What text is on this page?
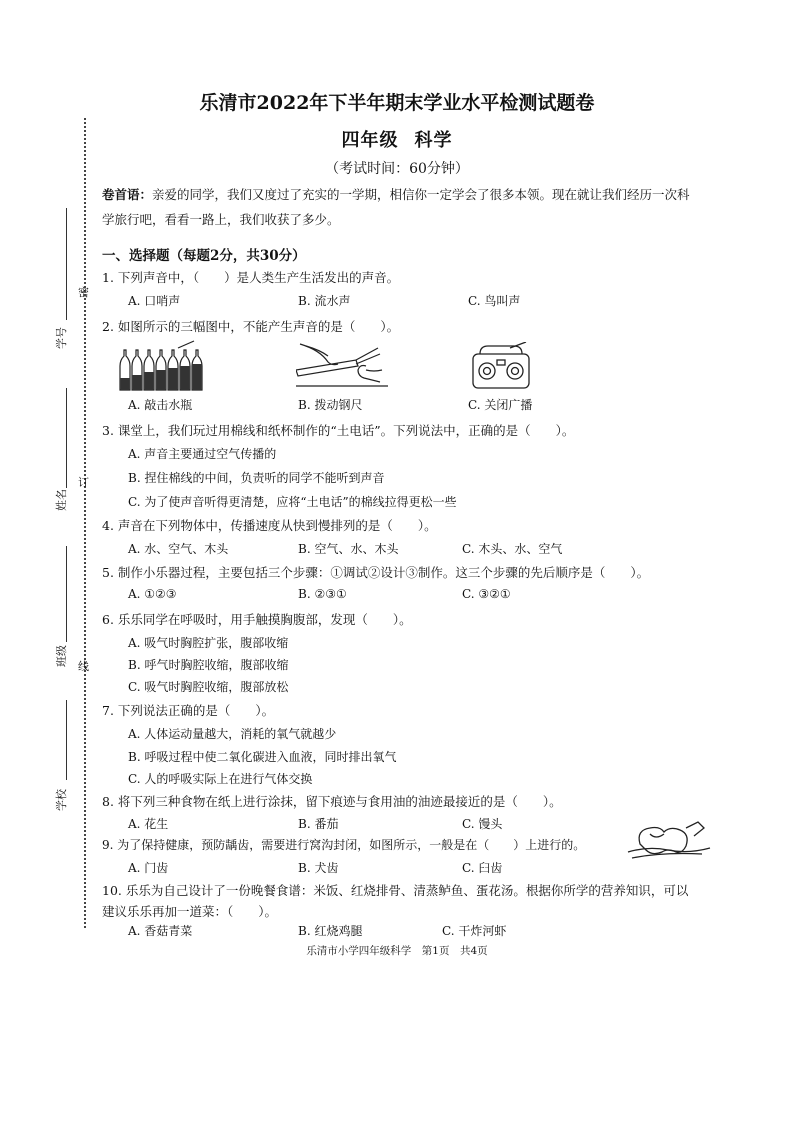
密
订
线
学号
姓名
班级
学校
乐清市2022年下半年期末学业水平检测试题卷
四年级 科学
（考试时间：60分钟）
卷首语：亲爱的同学，我们又度过了充实的一学期，相信你一定学会了很多本领。现在就让我们经历一次科学旅行吧，看看一路上，我们收获了多少。
一、选择题（每题2分，共30分）
1. 下列声音中，（　　）是人类生产生活发出的声音。
A. 口哨声	B. 流水声	C. 鸟叫声
2. 如图所示的三幅图中，不能产生声音的是（　　）。
A. 敲击水瓶	B. 拨动钢尺	C. 关闭广播
3. 课堂上，我们玩过用棉线和纸杯制作的“土电话”。下列说法中，正确的是（　　）。
A. 声音主要通过空气传播的
B. 捏住棉线的中间，负责听的同学不能听到声音
C. 为了使声音听得更清楚，应将“土电话”的棉线拉得更松一些
4. 声音在下列物体中，传播速度从快到慢排列的是（　　）。
A. 水、空气、木头	B. 空气、水、木头	C. 木头、水、空气
5. 制作小乐器过程，主要包括三个步骤：①调试②设计③制作。这三个步骤的先后顺序是（　　）。
A. ①②③	B. ②③①	C. ③②①
6. 乐乐同学在呼吸时，用手触摸胸腹部，发现（　　）。
A. 吸气时胸腔扩张，腹部收缩
B. 呼气时胸腔收缩，腹部收缩
C. 吸气时胸腔收缩，腹部放松
7. 下列说法正确的是（　　）。
A. 人体运动量越大，消耗的氧气就越少
B. 呼吸过程中使二氧化碳进入血液，同时排出氧气
C. 人的呼吸实际上在进行气体交换
8. 将下列三种食物在纸上进行涂抹，留下痕迹与食用油的油迹最接近的是（　　）。
A. 花生	B. 番茄	C. 馒头
9. 为了保持健康，预防龋齿，需要进行窝沟封闭，如图所示，一般是在（　　）上进行的。
A. 门齿	B. 犬齿	C. 臼齿
10. 乐乐为自己设计了一份晚餐食谱：米饭、红烧排骨、清蒸鲈鱼、蛋花汤。根据你所学的营养知识，可以建议乐乐再加一道菜：（　　）。
A. 香菇青菜	B. 红烧鸡腿	C. 干炸河虾
乐清市小学四年级科学　第1页　共4页
